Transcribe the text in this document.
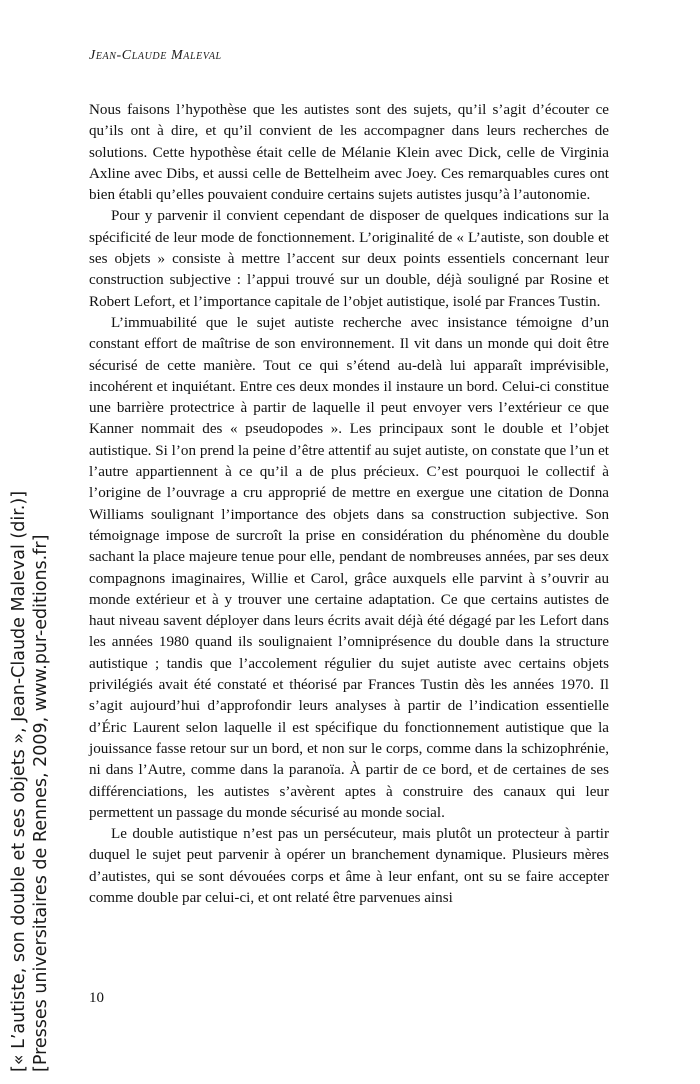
Jean-Claude Maleval

Nous faisons l’hypothèse que les autistes sont des sujets, qu’il s’agit d’écouter ce qu’ils ont à dire, et qu’il convient de les accompagner dans leurs recherches de solutions. Cette hypothèse était celle de Mélanie Klein avec Dick, celle de Virginia Axline avec Dibs, et aussi celle de Bettelheim avec Joey. Ces remarquables cures ont bien établi qu’elles pouvaient conduire certains sujets autistes jusqu’à l’autonomie.

Pour y parvenir il convient cependant de disposer de quelques indications sur la spécificité de leur mode de fonctionnement. L’originalité de « L’autiste, son double et ses objets » consiste à mettre l’accent sur deux points essentiels concernant leur construction subjective : l’appui trouvé sur un double, déjà souligné par Rosine et Robert Lefort, et l’importance capitale de l’objet autistique, isolé par Frances Tustin.

L’immuabilité que le sujet autiste recherche avec insistance témoigne d’un constant effort de maîtrise de son environnement. Il vit dans un monde qui doit être sécurisé de cette manière. Tout ce qui s’étend au-delà lui apparaît imprévisible, incohérent et inquiétant. Entre ces deux mondes il instaure un bord. Celui-ci constitue une barrière protectrice à partir de laquelle il peut envoyer vers l’extérieur ce que Kanner nommait des « pseudopodes ». Les principaux sont le double et l’objet autistique. Si l’on prend la peine d’être attentif au sujet autiste, on constate que l’un et l’autre appartiennent à ce qu’il a de plus précieux. C’est pourquoi le collectif à l’origine de l’ouvrage a cru approprié de mettre en exergue une citation de Donna Williams soulignant l’importance des objets dans sa construction subjective. Son témoignage impose de surcroît la prise en considération du phénomène du double sachant la place majeure tenue pour elle, pendant de nombreuses années, par ses deux compagnons imaginaires, Willie et Carol, grâce auxquels elle parvint à s’ouvrir au monde extérieur et à y trouver une certaine adaptation. Ce que certains autistes de haut niveau savent déployer dans leurs écrits avait déjà été dégagé par les Lefort dans les années 1980 quand ils soulignaient l’omniprésence du double dans la structure autistique ; tandis que l’accolement régulier du sujet autiste avec certains objets privilégiés avait été constaté et théorisé par Frances Tustin dès les années 1970. Il s’agit aujourd’hui d’approfondir leurs analyses à partir de l’indication essentielle d’Éric Laurent selon laquelle il est spécifique du fonctionnement autistique que la jouissance fasse retour sur un bord, et non sur le corps, comme dans la schizophrénie, ni dans l’Autre, comme dans la paranoïa. À partir de ce bord, et de certaines de ses différenciations, les autistes s’avèrent aptes à construire des canaux qui leur permettent un passage du monde sécurisé au monde social.

Le double autistique n’est pas un persécuteur, mais plutôt un protecteur à partir duquel le sujet peut parvenir à opérer un branchement dynamique. Plusieurs mères d’autistes, qui se sont dévouées corps et âme à leur enfant, ont su se faire accepter comme double par celui-ci, et ont relaté être parvenues ainsi

10
[« L’autiste, son double et ses objets », Jean-Claude Maleval (dir.)] [Presses universitaires de Rennes, 2009, www.pur-editions.fr]
